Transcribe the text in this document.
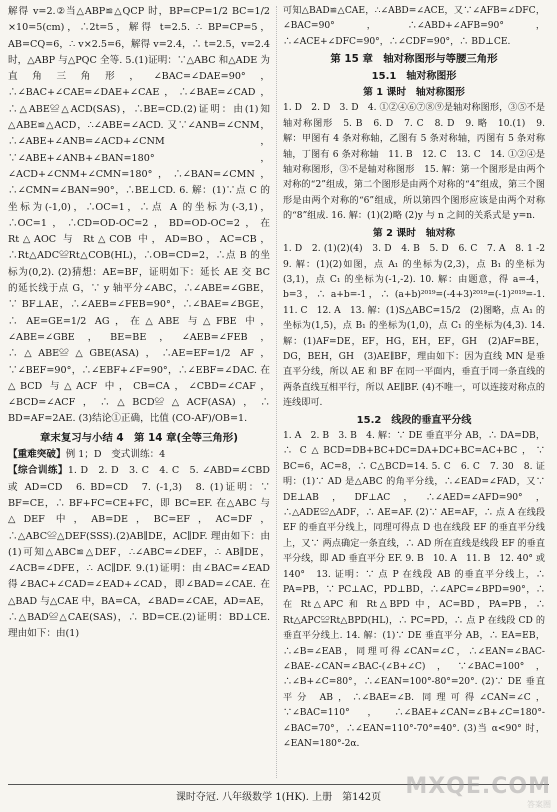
解得 v=2.②当△ABP≌△QCP 时，BP=CP=1/2 BC=1/2 ×10=5(cm)，∴2t=5，解得 t=2.5. ∴ BP=CP=5，AB=CQ=6，∴ v×2.5=6，解得 v=2.4，∴ t=2.5，v=2.4 时，△ABP 与△PQC 全等. 5.(1)证明：∵△ABC 和△ADE 为直角三角形，∠BAC=∠DAE=90°，∴∠BAC+∠CAE=∠DAE+∠CAE，∴∠BAE=∠CAD，∴△ABE≌△ACD(SAS)，∴BE=CD.(2)证明：由(1)知△ABE≌△ACD，∴∠ABE=∠ACD. 又∵∠ANB=∠CNM，∴∠ABE+∠ANB=∠ACD+∠CNM，∵∠ABE+∠ANB+∠BAN=180°，∠ACD+∠CNM+∠CMN=180°，∴∠BAN=∠CMN，∴∠CMN=∠BAN=90°，∴BE⊥CD. 6. 解：(1)∵点 C 的坐标为(-1,0)，∴OC=1，∴点 A 的坐标为(-3,1)，∴OC=1，∴CD=OD-OC=2，BD=OD-OC=2，在 Rt△AOC 与 Rt△COB 中，AD=BO，AC=CB，∴Rt△ADC≌Rt△COB(HL)，∴OB=CD=2，∴点 B 的坐标为(0,2). (2)猜想：AE=BF，证明如下：延长 AE 交 BC 的延长线于点 G，∵ y 轴平分∠ABC，∴∠ABE=∠GBE，∵ BF⊥AE，∴∠AEB=∠FEB=90°，∴∠BAE=∠BGE，∴ AE=GE=1/2 AG，在△ABE 与△FBE 中，∠ABE=∠GBE，BE=BE，∠AEB=∠FEB，∴△ABE≌△GBE(ASA)，∴AE=EF=1/2 AF，∵∠BEF=90°，∴∠EBF+∠F=90°，∴∠EBF=∠DAC. 在△BCD 与△ACF 中，CB=CA，∠CBD=∠CAF，∠BCD=∠ACF，∴△BCD≌△ACF(ASA)，∴ BD=AF=2AE. (3)结论①正确，比值 (CO-AF)/OB=1.

章末复习与小结 4　第 14 章(全等三角形)

【重难突破】例 1；D　变式训练：4

【综合训练】1. D　2. D　3. C　4. C　5. ∠ABD=∠CBD 或 AD=CD　6. BD=CD　7. (-1,3)　8. (1)证明：∵ BF=CE，∴ BF+FC=CE+FC，即 BC=EF. 在△ABC 与△DEF 中，AB=DE，BC=EF，AC=DF，∴△ABC≌△DEF(SSS).(2)AB∥DE，AC∥DF. 理由如下：由(1)可知△ABC≌△DEF，∴∠ABC=∠DEF，∴ AB∥DE，∠ACB=∠DFE，∴ AC∥DF. 9.(1)证明：由∠BAC=∠EAD 得∠BAC+∠CAD=∠EAD+∠CAD，即∠BAD=∠CAE. 在△BAD 与△CAE 中，BA=CA，∠BAD=∠CAE，AD=AE，∴△BAD≌△CAE(SAS)，∴ BD=CE.(2)证明：BD⊥CE. 理由如下：由(1)

可知△BAD≌△CAE，∴∠ABD=∠ACE，又∵∠AFB=∠DFC，∠BAC=90°，∴∠ABD+∠AFB=90°，∴∠ACE+∠DFC=90°，∴∠CDF=90°，∴ BD⊥CE.

第 15 章　轴对称图形与等腰三角形
15.1　轴对称图形
第 1 课时　轴对称图形

1. D　2. D　3. D　4. ①②④⑥⑦⑧⑨是轴对称图形，③⑤不是轴对称图形　5. B　6. D　7. C　8. D　9. 略　10.(1)　9. 解：甲图有 4 条对称轴，乙图有 5 条对称轴，丙图有 5 条对称轴，丁图有 6 条对称轴　11. B　12. C　13. C　14. ①②④是轴对称图形，③不是轴对称图形　15. 解：第一个图形是由两个对称的“2”组成，第二个图形是由两个对称的“4”组成，第三个图形是由两个对称的“6”组成，所以第四个图形应该是由两个对称的“8”组成. 16. 解：(1)(2)略 (2)y 与 n 之间的关系式是 y=n.

第 2 课时　轴对称

1. D　2. (1)(2)(4)　3. D　4. B　5. D　6. C　7. A　8. 1 -2　9. 解：(1)(2)如图，点 A₁ 的坐标为(2,3)，点 B₁ 的坐标为(3,1)，点 C₁ 的坐标为(-1,-2). 10. 解：由题意，得 a=-4，b=3，∴ a+b=-1，∴ (a+b)²⁰¹⁹=(-4+3)²⁰¹⁹=(-1)²⁰¹⁹=-1. 11. C　12. A　13. 解：(1)S△ABC=15/2　(2)图略，点 A₁ 的坐标为(1,5)，点 B₁ 的坐标为(1,0)，点 C₁ 的坐标为(4,3). 14. 解：(1)AF=DE，EF，HG，EH，EF，GH　(2)AF=BE，DG，BEH，GH　(3)AE∥BF，理由如下：因为直线 MN 是垂直平分线，所以 AE 和 BF 在同一平面内，垂直于同一条直线的两条直线互相平行，所以 AE∥BF. (4)不唯一，可以连接对称点的连线即可.

15.2　线段的垂直平分线

1. A　2. B　3. B　4. 解：∵ DE 垂直平分 AB，∴ DA=DB，∴ C△BCD=DB+BC+DC=DA+DC+BC=AC+BC，∵ BC=6，AC=8，∴ C△BCD=14. 5. C　6. C　7. 30　8. 证明：(1)∵ AD 是△ABC 的角平分线，∴∠EAD=∠FAD，又∵ DE⊥AB，DF⊥AC，∴∠AED=∠AFD=90°，∴△ADE≌△ADF，∴ AE=AF. (2)∵ AE=AF，∴ 点 A 在线段 EF 的垂直平分线上，同理可得点 D 也在线段 EF 的垂直平分线上，又∵ 两点确定一条直线，∴ AD 所在直线是线段 EF 的垂直平分线，即 AD 垂直平分 EF. 9. B　10. A　11. B　12. 40° 或 140°　13. 证明：∵ 点 P 在线段 AB 的垂直平分线上，∴ PA=PB，∵ PC⊥AC，PD⊥BD，∴∠APC=∠BPD=90°，∴ 在 Rt△APC 和 Rt△BPD 中，AC=BD，PA=PB，∴ Rt△APC≌Rt△BPD(HL)，∴ PC=PD，∴ 点 P 在线段 CD 的垂直平分线上. 14. 解：(1)∵ DE 垂直平分 AB，∴ EA=EB，∴∠B=∠EAB，同理可得∠CAN=∠C，∴∠EAN=∠BAC-∠BAE-∠CAN=∠BAC-(∠B+∠C)，∵∠BAC=100°，∴∠B+∠C=80°，∴∠EAN=100°-80°=20°. (2)∵ DE 垂直平分 AB，∴∠BAE=∠B. 同理可得∠CAN=∠C，∵∠BAC=110°，∴∠BAE+∠CAN=∠B+∠C=180°-∠BAC=70°，∴∠EAN=110°-70°=40°. (3)当 α<90° 时，∠EAN=180°-2α.

课时夺冠. 八年级数学 1(HK). 上册　第142页	MXQE.COM
答案圈
